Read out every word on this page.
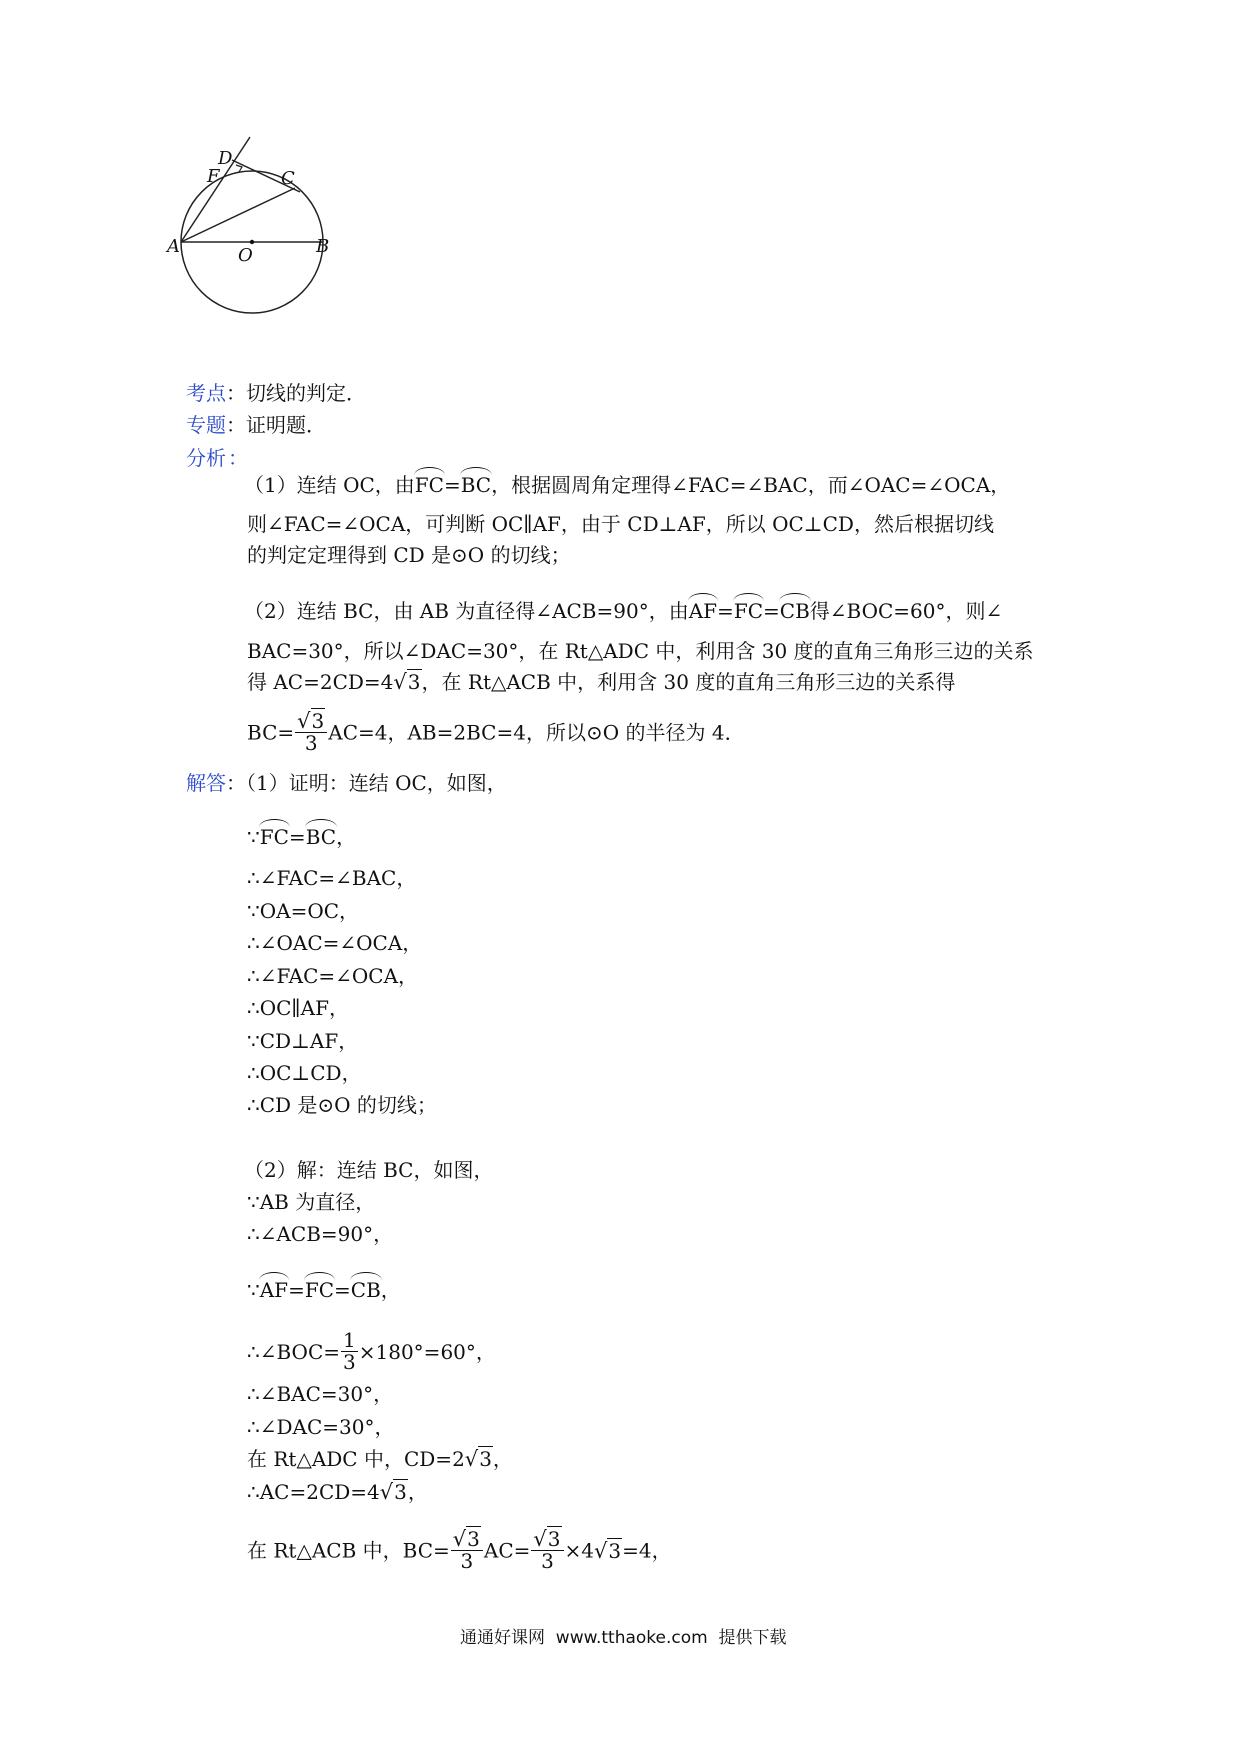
D
F	C
A	O	B
考点：切线的判定．
专题：证明题．
分析 ：
（1）连结 OC，由FC=BC，根据圆周角定理得∠FAC=∠BAC，而∠OAC=∠OCA，
则∠FAC=∠OCA，可判断 OC∥AF，由于 CD⊥AF，所以 OC⊥CD，然后根据切线
的判定定理得到 CD 是⊙O 的切线；
（2）连结 BC，由 AB 为直径得∠ACB=90°，由AF=FC=CB得∠BOC=60°，则∠
BAC=30°，所以∠DAC=30°，在 Rt△ADC 中，利用含 30 度的直角三角形三边的关系
得 AC=2CD=4√3，在 Rt△ACB 中，利用含 30 度的直角三角形三边的关系得
$BC= \frac{√3}{3} AC=4$，AB=2BC=4，所以⊙O 的半径为 4．
解答：（1）证明：连结 OC，如图，
∵FC=BC，
∴∠FAC=∠BAC，
∵OA=OC，
∴∠OAC=∠OCA，
∴∠FAC=∠OCA，
∴OC∥AF，
∵CD⊥AF，
∴OC⊥CD，
∴CD 是⊙O 的切线；
（2）解：连结 BC，如图，
∵AB 为直径，
∴∠ACB=90°，
∵AF=FC=CB，
∴∠BOC= $\frac{1}{3} \times 180^\circ=60^\circ$，
∴∠BAC=30°，
∴∠DAC=30°，
在 Rt△ADC 中，CD=2√3，
∴AC=2CD=4√3，
在 Rt△ACB 中，$BC= \frac{√3}{3} AC= \frac{√3}{3} \times 4√3=4$，
通通好课网  www.tthaoke.com  提供下载
